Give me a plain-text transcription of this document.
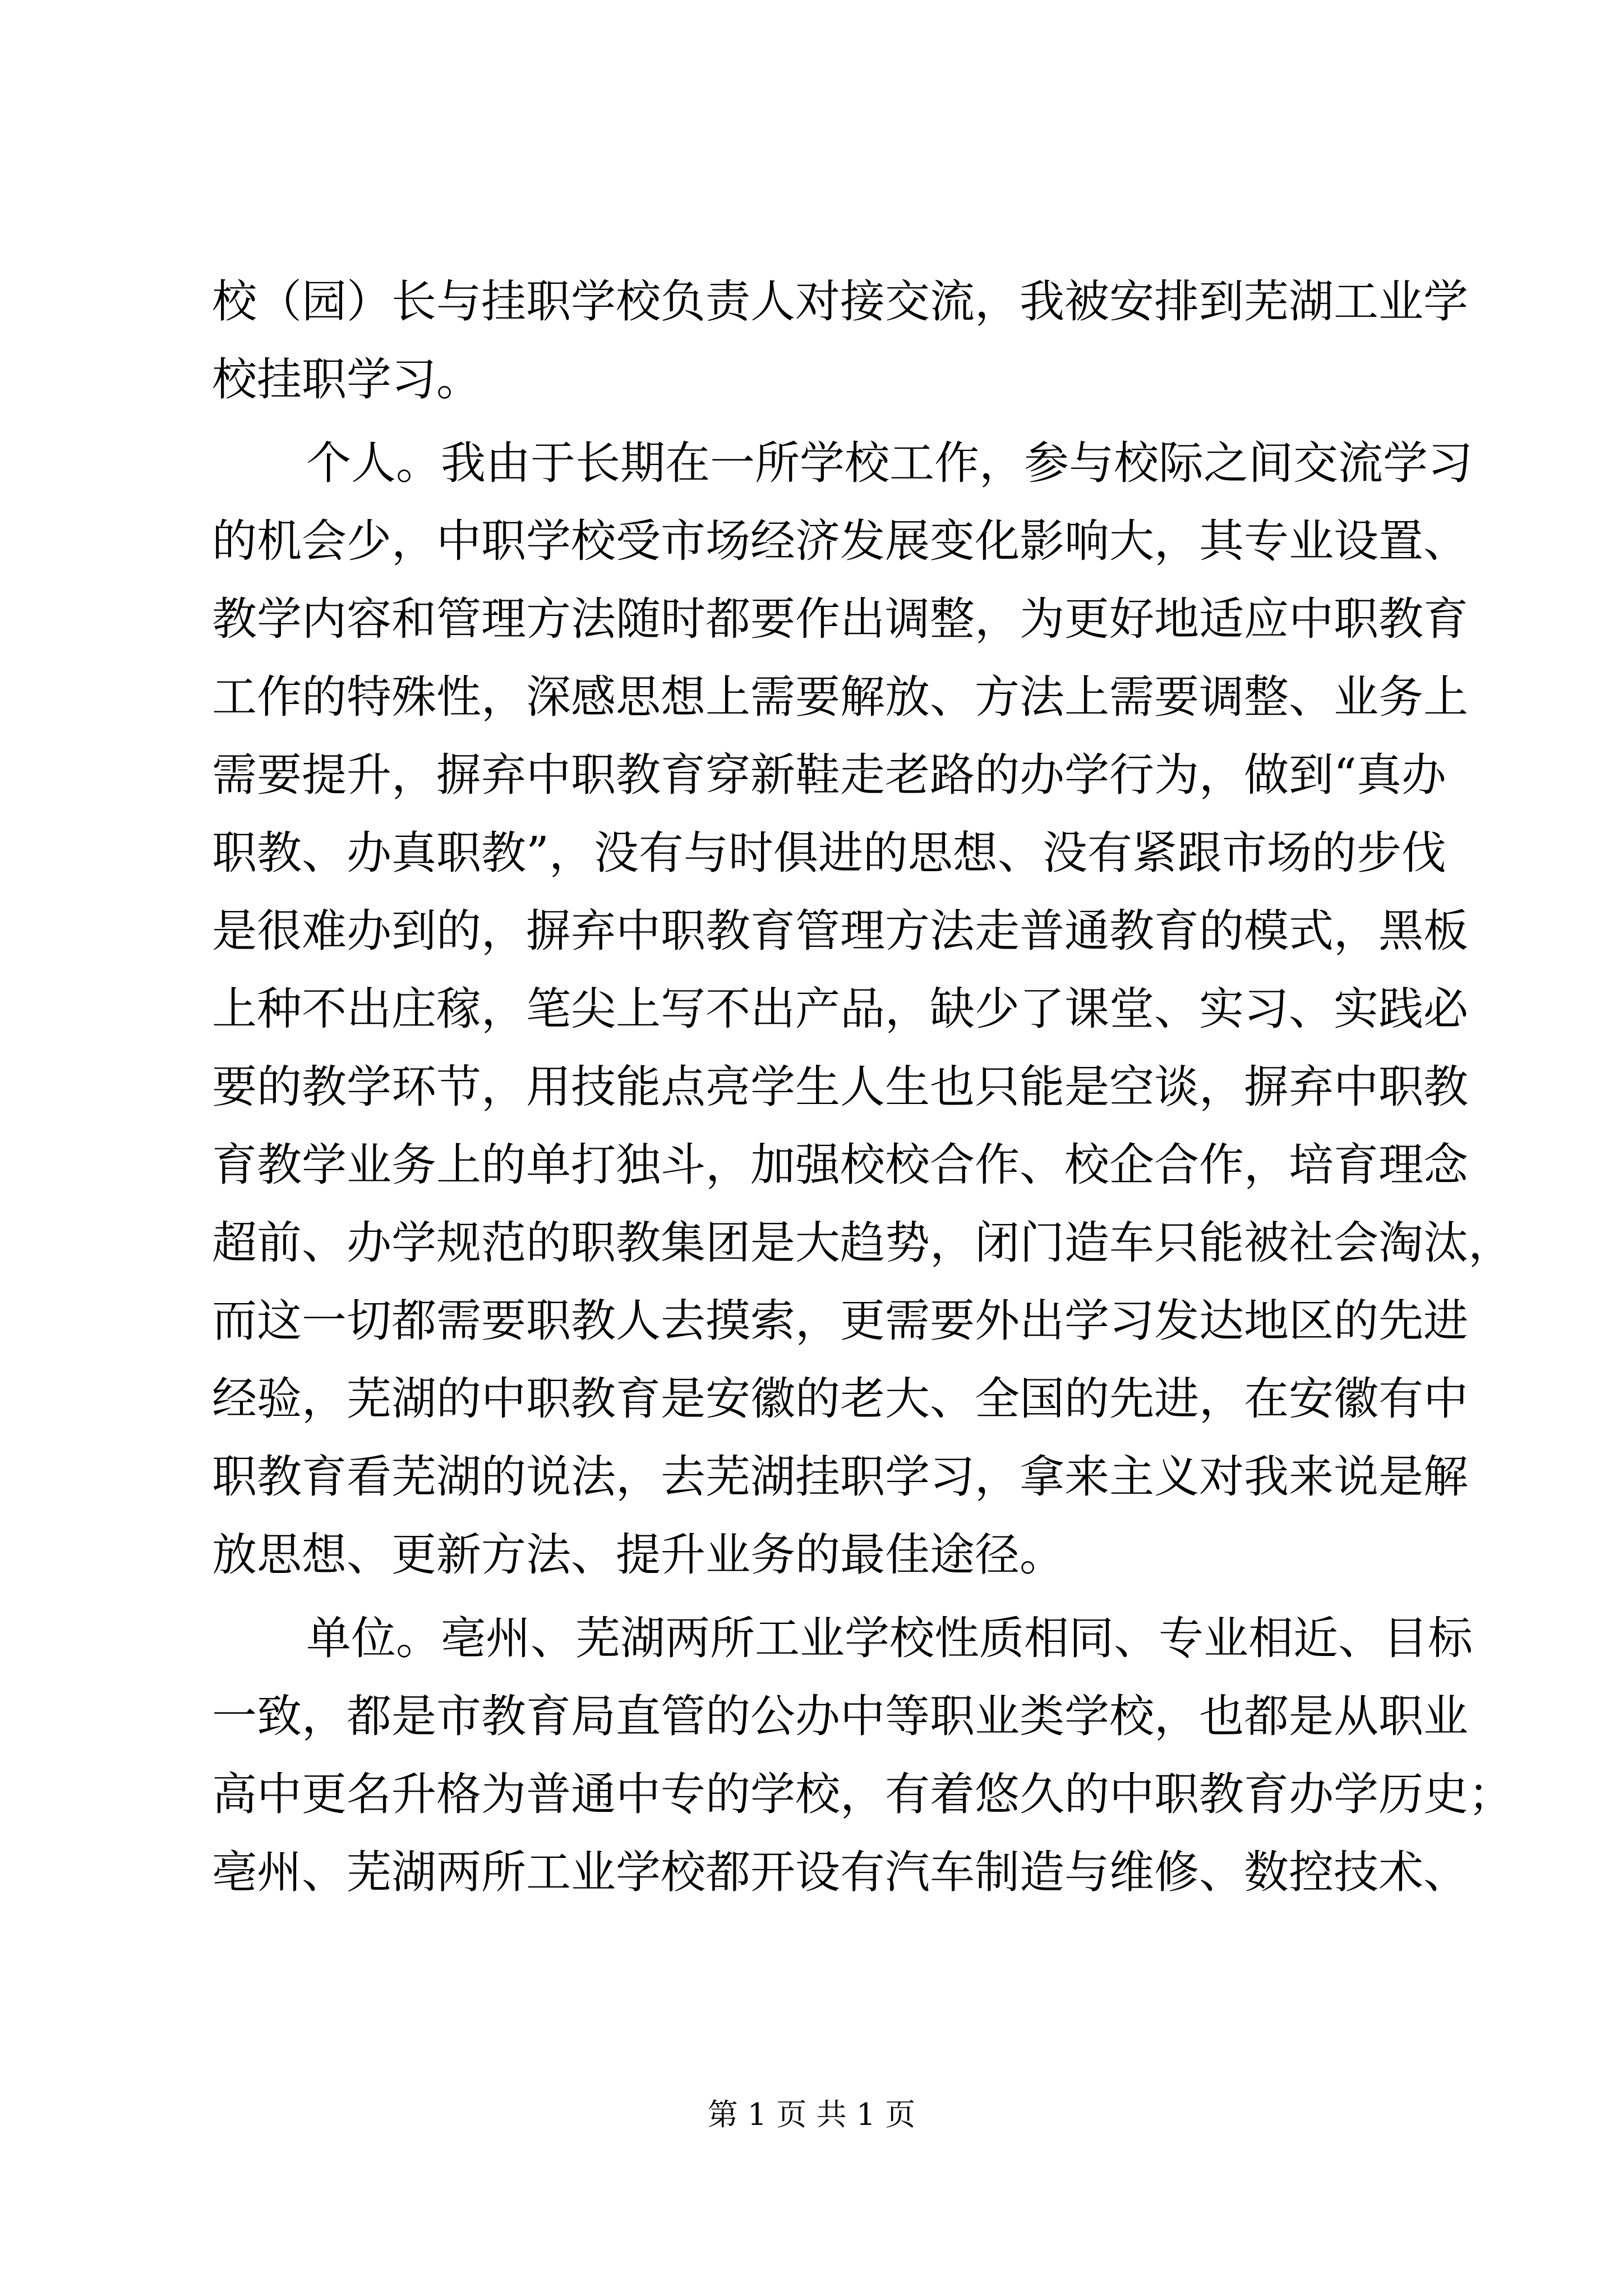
校（园）长与挂职学校负责人对接交流，我被安排到芜湖工业学
校挂职学习。
个人。我由于长期在一所学校工作，参与校际之间交流学习
的机会少，中职学校受市场经济发展变化影响大，其专业设置、
教学内容和管理方法随时都要作出调整，为更好地适应中职教育
工作的特殊性，深感思想上需要解放、方法上需要调整、业务上
需要提升，摒弃中职教育穿新鞋走老路的办学行为，做到“真办
职教、办真职教”，没有与时俱进的思想、没有紧跟市场的步伐
是很难办到的，摒弃中职教育管理方法走普通教育的模式，黑板
上种不出庄稼，笔尖上写不出产品，缺少了课堂、实习、实践必
要的教学环节，用技能点亮学生人生也只能是空谈，摒弃中职教
育教学业务上的单打独斗，加强校校合作、校企合作，培育理念
超前、办学规范的职教集团是大趋势，闭门造车只能被社会淘汰，
而这一切都需要职教人去摸索，更需要外出学习发达地区的先进
经验，芜湖的中职教育是安徽的老大、全国的先进，在安徽有中
职教育看芜湖的说法，去芜湖挂职学习，拿来主义对我来说是解
放思想、更新方法、提升业务的最佳途径。
单位。亳州、芜湖两所工业学校性质相同、专业相近、目标
一致，都是市教育局直管的公办中等职业类学校，也都是从职业
高中更名升格为普通中专的学校，有着悠久的中职教育办学历史；
亳州、芜湖两所工业学校都开设有汽车制造与维修、数控技术、
第 1 页 共 1 页
